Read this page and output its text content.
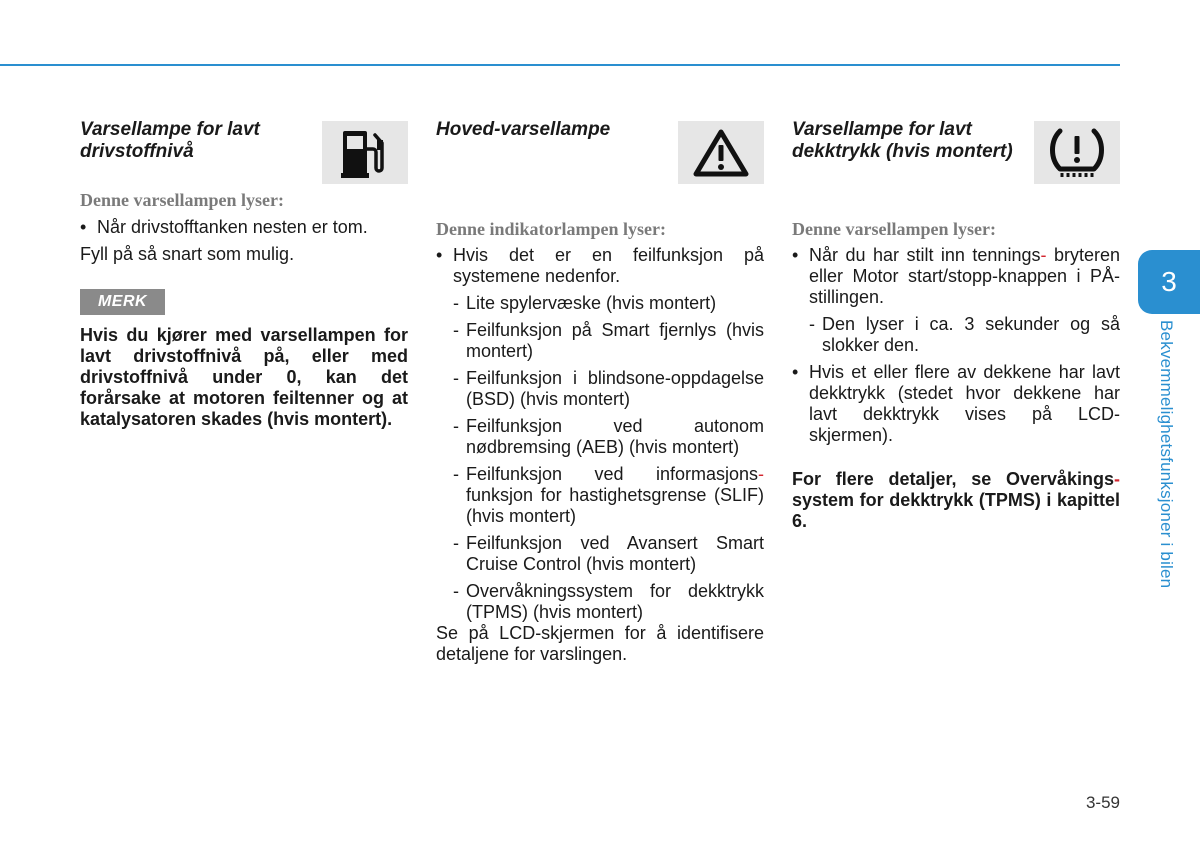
Varsellampe for lavt drivstoffnivå
Denne varsellampen lyser:
• Når drivstofftanken nesten er tom.
Fyll på så snart som mulig.
MERK
Hvis du kjører med varsellampen for lavt drivstoffnivå på, eller med drivstoffnivå under 0, kan det forårsake at motoren feiltenner og at katalysatoren skades (hvis montert).
Hoved-varsellampe
Denne indikatorlampen lyser:
• Hvis det er en feilfunksjon på systemene nedenfor.
- Lite spylervæske (hvis montert)
- Feilfunksjon på Smart fjernlys (hvis montert)
- Feilfunksjon i blindsone-oppdagelse (BSD) (hvis montert)
- Feilfunksjon ved autonom nødbremsing (AEB) (hvis montert)
- Feilfunksjon ved informasjons- funksjon for hastighetsgrense (SLIF) (hvis montert)
- Feilfunksjon ved Avansert Smart Cruise Control (hvis montert)
- Overvåkningssystem for dekktrykk (TPMS) (hvis montert)
Se på LCD-skjermen for å identifisere detaljene for varslingen.
Varsellampe for lavt dekktrykk (hvis montert)
Denne varsellampen lyser:
• Når du har stilt inn tennings- bryteren eller Motor start/stopp-knappen i PÅ-stillingen.
- Den lyser i ca. 3 sekunder og så slokker den.
• Hvis et eller flere av dekkene har lavt dekktrykk (stedet hvor dekkene har lavt dekktrykk vises på LCD-skjermen).
For flere detaljer, se Overvåkings- system for dekktrykk (TPMS) i kapittel 6.
3
Bekvemmelighetsfunksjoner i bilen
3-59
